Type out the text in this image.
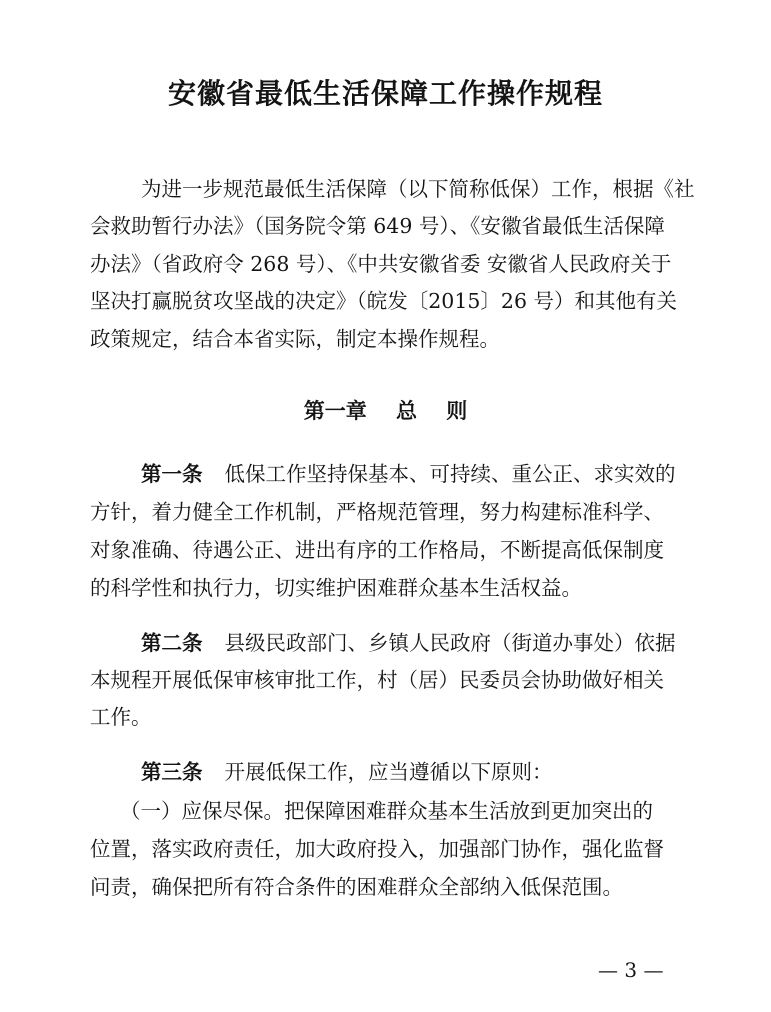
安徽省最低生活保障工作操作规程
为进一步规范最低生活保障（以下简称低保）工作，根据《社
会救助暂行办法》（国务院令第 649 号）、《安徽省最低生活保障
办法》（省政府令 268 号）、《中共安徽省委 安徽省人民政府关于
坚决打赢脱贫攻坚战的决定》（皖发〔2015〕26 号）和其他有关
政策规定，结合本省实际，制定本操作规程。
第一章    总    则
第一条 低保工作坚持保基本、可持续、重公正、求实效的
方针，着力健全工作机制，严格规范管理，努力构建标准科学、
对象准确、待遇公正、进出有序的工作格局，不断提高低保制度
的科学性和执行力，切实维护困难群众基本生活权益。
第二条 县级民政部门、乡镇人民政府（街道办事处）依据
本规程开展低保审核审批工作，村（居）民委员会协助做好相关
工作。
第三条 开展低保工作，应当遵循以下原则：
（一）应保尽保。把保障困难群众基本生活放到更加突出的
位置，落实政府责任，加大政府投入，加强部门协作，强化监督
问责，确保把所有符合条件的困难群众全部纳入低保范围。
— 3 —
